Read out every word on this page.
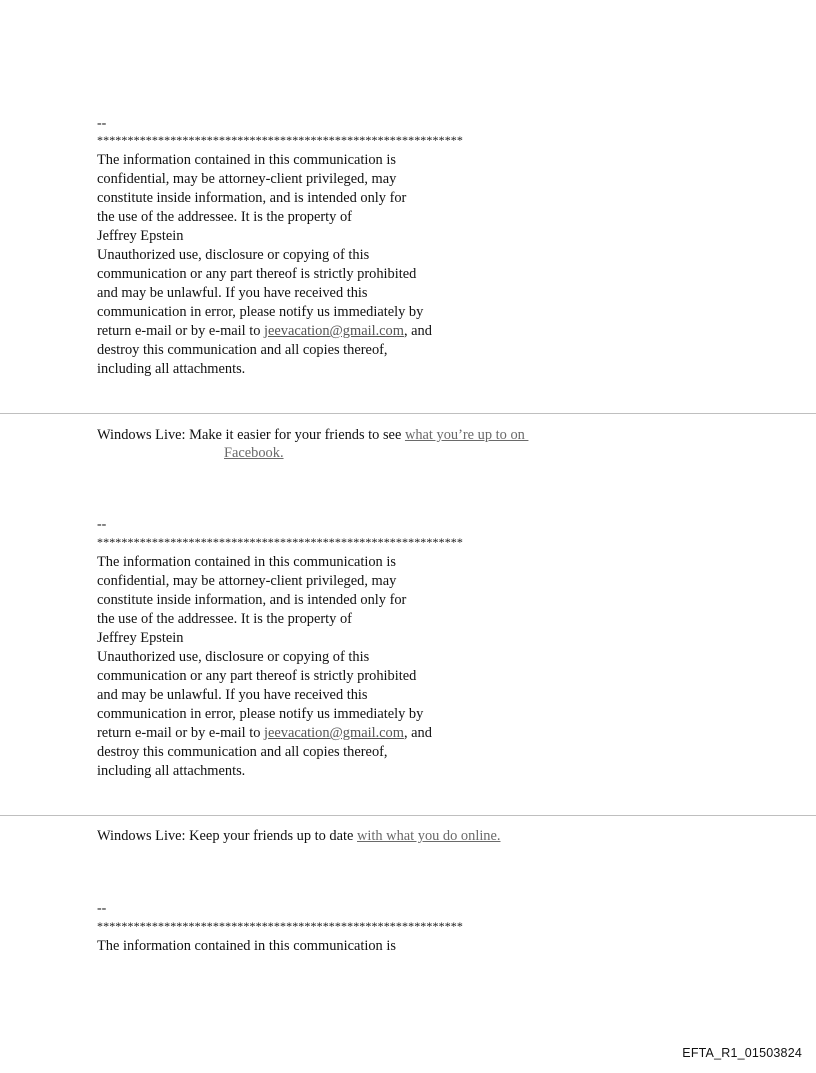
--
************************************************************
The information contained in this communication is
confidential, may be attorney-client privileged, may
constitute inside information, and is intended only for
the use of the addressee. It is the property of
Jeffrey Epstein
Unauthorized use, disclosure or copying of this
communication or any part thereof is strictly prohibited
and may be unlawful. If you have received this
communication in error, please notify us immediately by
return e-mail or by e-mail to jeevacation@gmail.com, and
destroy this communication and all copies thereof,
including all attachments.
Windows Live: Make it easier for your friends to see what you’re up to on
Facebook.
--
************************************************************
The information contained in this communication is
confidential, may be attorney-client privileged, may
constitute inside information, and is intended only for
the use of the addressee. It is the property of
Jeffrey Epstein
Unauthorized use, disclosure or copying of this
communication or any part thereof is strictly prohibited
and may be unlawful. If you have received this
communication in error, please notify us immediately by
return e-mail or by e-mail to jeevacation@gmail.com, and
destroy this communication and all copies thereof,
including all attachments.
Windows Live: Keep your friends up to date with what you do online.
--
************************************************************
The information contained in this communication is
EFTA_R1_01503824
